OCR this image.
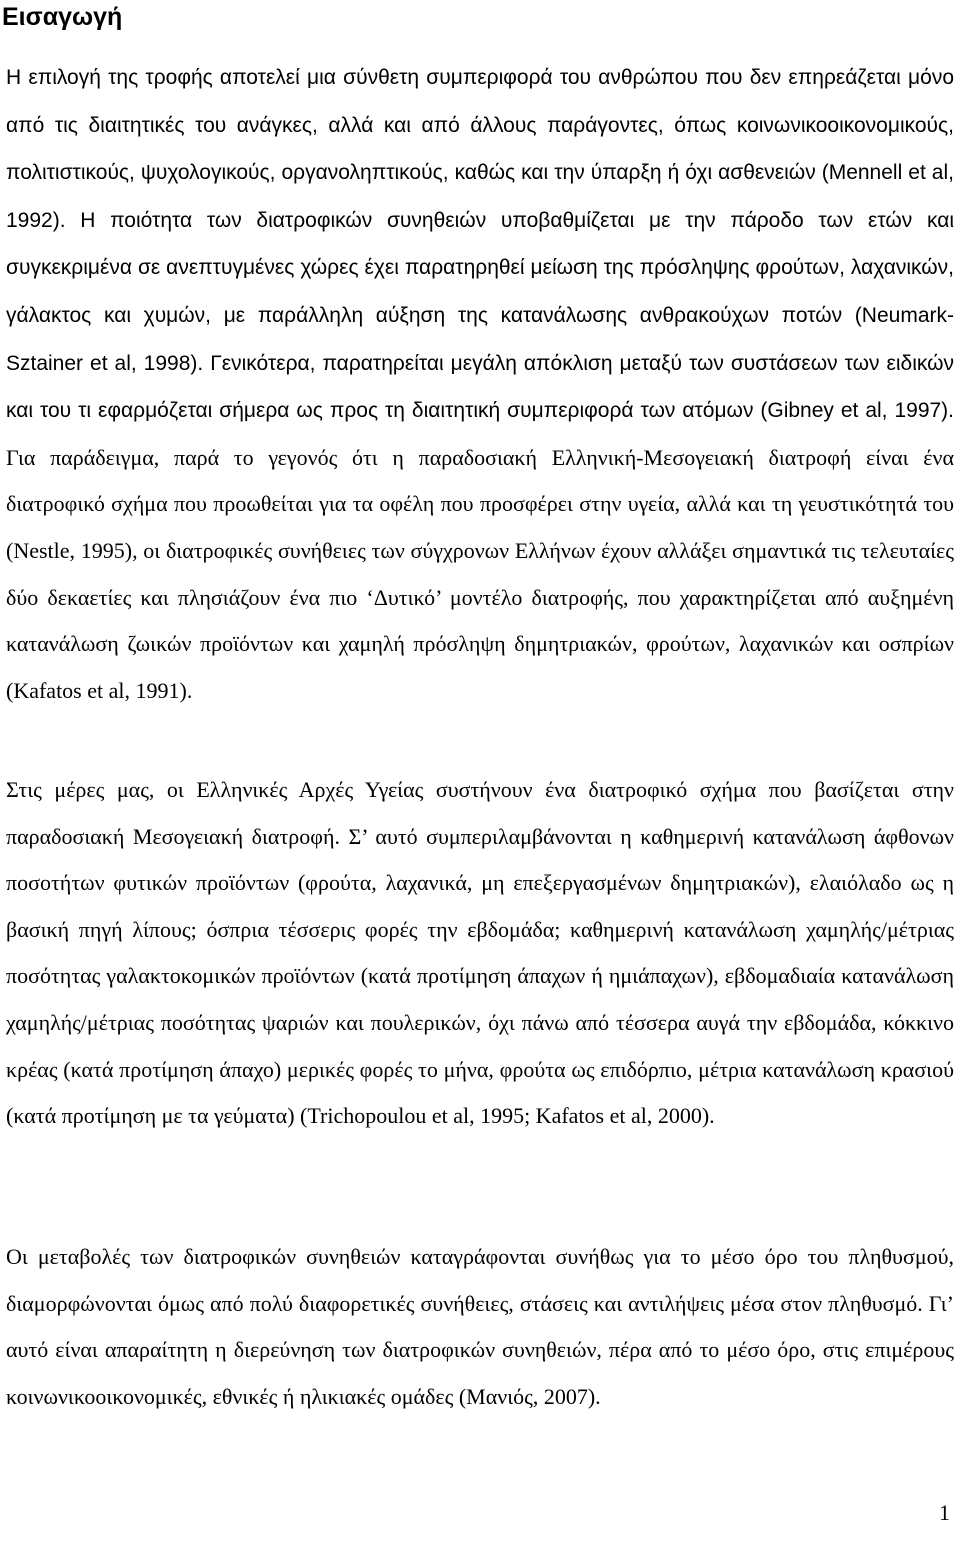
Εισαγωγή

Η επιλογή της τροφής αποτελεί μια σύνθετη συμπεριφορά του ανθρώπου που δεν επηρεάζεται μόνο από τις διαιτητικές του ανάγκες, αλλά και από άλλους παράγοντες, όπως κοινωνικοοικονομικούς, πολιτιστικούς, ψυχολογικούς, οργανοληπτικούς, καθώς και την ύπαρξη ή όχι ασθενειών (Mennell et al, 1992). Η ποιότητα των διατροφικών συνηθειών υποβαθμίζεται με την πάροδο των ετών και συγκεκριμένα σε ανεπτυγμένες χώρες έχει παρατηρηθεί μείωση της πρόσληψης φρούτων, λαχανικών, γάλακτος και χυμών, με παράλληλη αύξηση της κατανάλωσης ανθρακούχων ποτών (Neumark-Sztainer et al, 1998). Γενικότερα, παρατηρείται μεγάλη απόκλιση μεταξύ των συστάσεων των ειδικών και του τι εφαρμόζεται σήμερα ως προς τη διαιτητική συμπεριφορά των ατόμων (Gibney et al, 1997). Για παράδειγμα, παρά το γεγονός ότι η παραδοσιακή Ελληνική-Μεσογειακή διατροφή είναι ένα διατροφικό σχήμα που προωθείται για τα οφέλη που προσφέρει στην υγεία, αλλά και τη γευστικότητά του (Nestle, 1995), οι διατροφικές συνήθειες των σύγχρονων Ελλήνων έχουν αλλάξει σημαντικά τις τελευταίες δύο δεκαετίες και πλησιάζουν ένα πιο ‘Δυτικό’ μοντέλο διατροφής, που χαρακτηρίζεται από αυξημένη κατανάλωση ζωικών προϊόντων και χαμηλή πρόσληψη δημητριακών, φρούτων, λαχανικών και οσπρίων (Kafatos et al, 1991).

Στις μέρες μας, οι Ελληνικές Αρχές Υγείας συστήνουν ένα διατροφικό σχήμα που βασίζεται στην παραδοσιακή Μεσογειακή διατροφή. Σ’ αυτό συμπεριλαμβάνονται η καθημερινή κατανάλωση άφθονων ποσοτήτων φυτικών προϊόντων (φρούτα, λαχανικά, μη επεξεργασμένων δημητριακών), ελαιόλαδο ως η βασική πηγή λίπους; όσπρια τέσσερις φορές την εβδομάδα; καθημερινή κατανάλωση χαμηλής/μέτριας ποσότητας γαλακτοκομικών προϊόντων (κατά προτίμηση άπαχων ή ημιάπαχων), εβδομαδιαία κατανάλωση χαμηλής/μέτριας ποσότητας ψαριών και πουλερικών, όχι πάνω από τέσσερα αυγά την εβδομάδα, κόκκινο κρέας (κατά προτίμηση άπαχο) μερικές φορές το μήνα, φρούτα ως επιδόρπιο, μέτρια κατανάλωση κρασιού (κατά προτίμηση με τα γεύματα) (Trichopoulou et al, 1995; Kafatos et al, 2000).

Οι μεταβολές των διατροφικών συνηθειών καταγράφονται συνήθως για το μέσο όρο του πληθυσμού, διαμορφώνονται όμως από πολύ διαφορετικές συνήθειες, στάσεις και αντιλήψεις μέσα στον πληθυσμό. Γι’ αυτό είναι απαραίτητη η διερεύνηση των διατροφικών συνηθειών, πέρα από το μέσο όρο, στις επιμέρους κοινωνικοοικονομικές, εθνικές ή ηλικιακές ομάδες (Μανιός, 2007).

1
